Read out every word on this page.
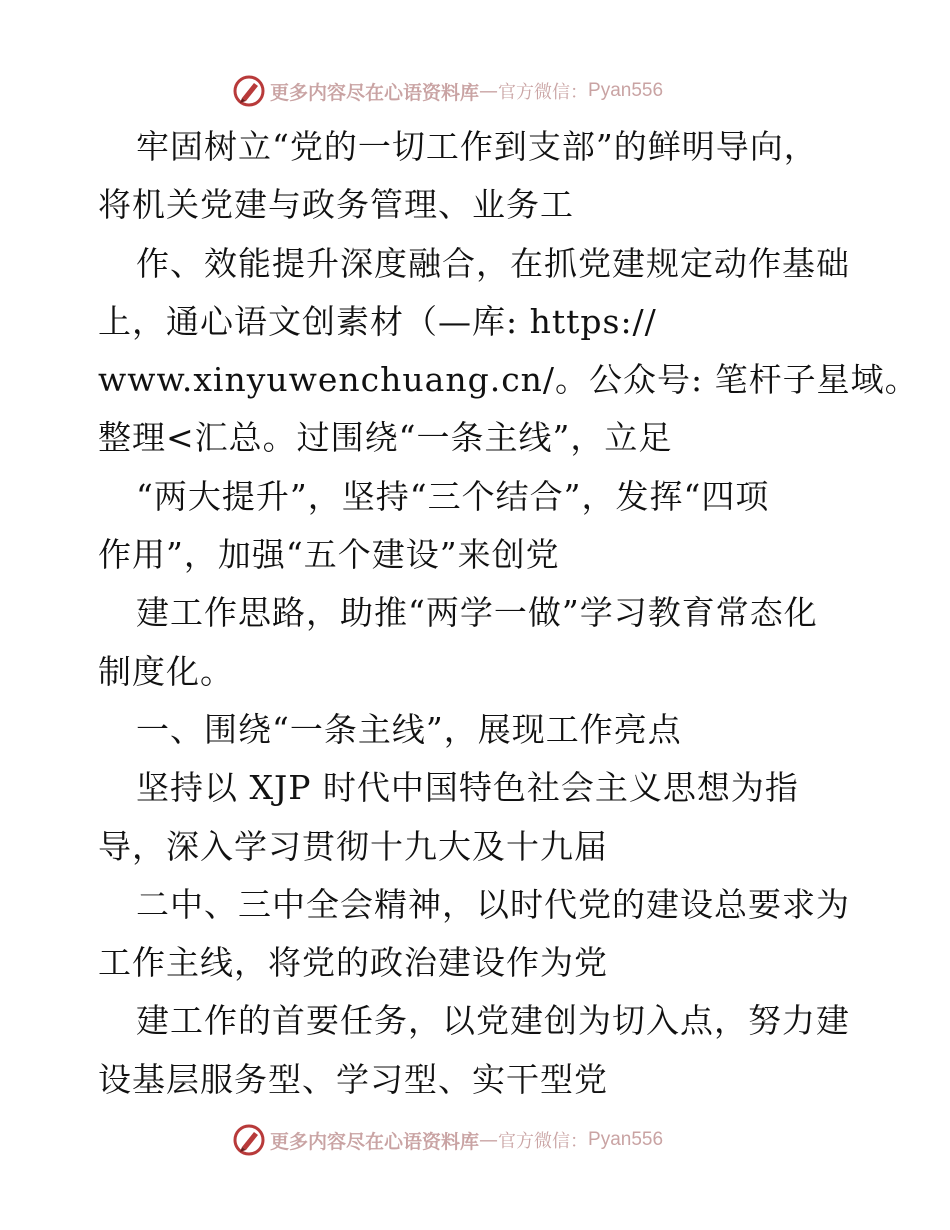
更多内容尽在心语资料库 — 官方微信： Pyan556
牢固树立“党的一切工作到支部”的鲜明导向，
将机关党建与政务管理、业务工
作、效能提升深度融合，在抓党建规定动作基础
上，通心语文创素材（—库: https://
www.xinyuwenchuang.cn/。公众号: 笔杆子星域。
整理<汇总。过围绕“一条主线”，立足
“两大提升”，坚持“三个结合”，发挥“四项
作用”，加强“五个建设”来创党
建工作思路，助推“两学一做”学习教育常态化
制度化。
一、围绕“一条主线”，展现工作亮点
坚持以 XJP 时代中国特色社会主义思想为指
导，深入学习贯彻十九大及十九届
二中、三中全会精神，以时代党的建设总要求为
工作主线，将党的政治建设作为党
建工作的首要任务，以党建创为切入点，努力建
设基层服务型、学习型、实干型党
更多内容尽在心语资料库 — 官方微信： Pyan556
